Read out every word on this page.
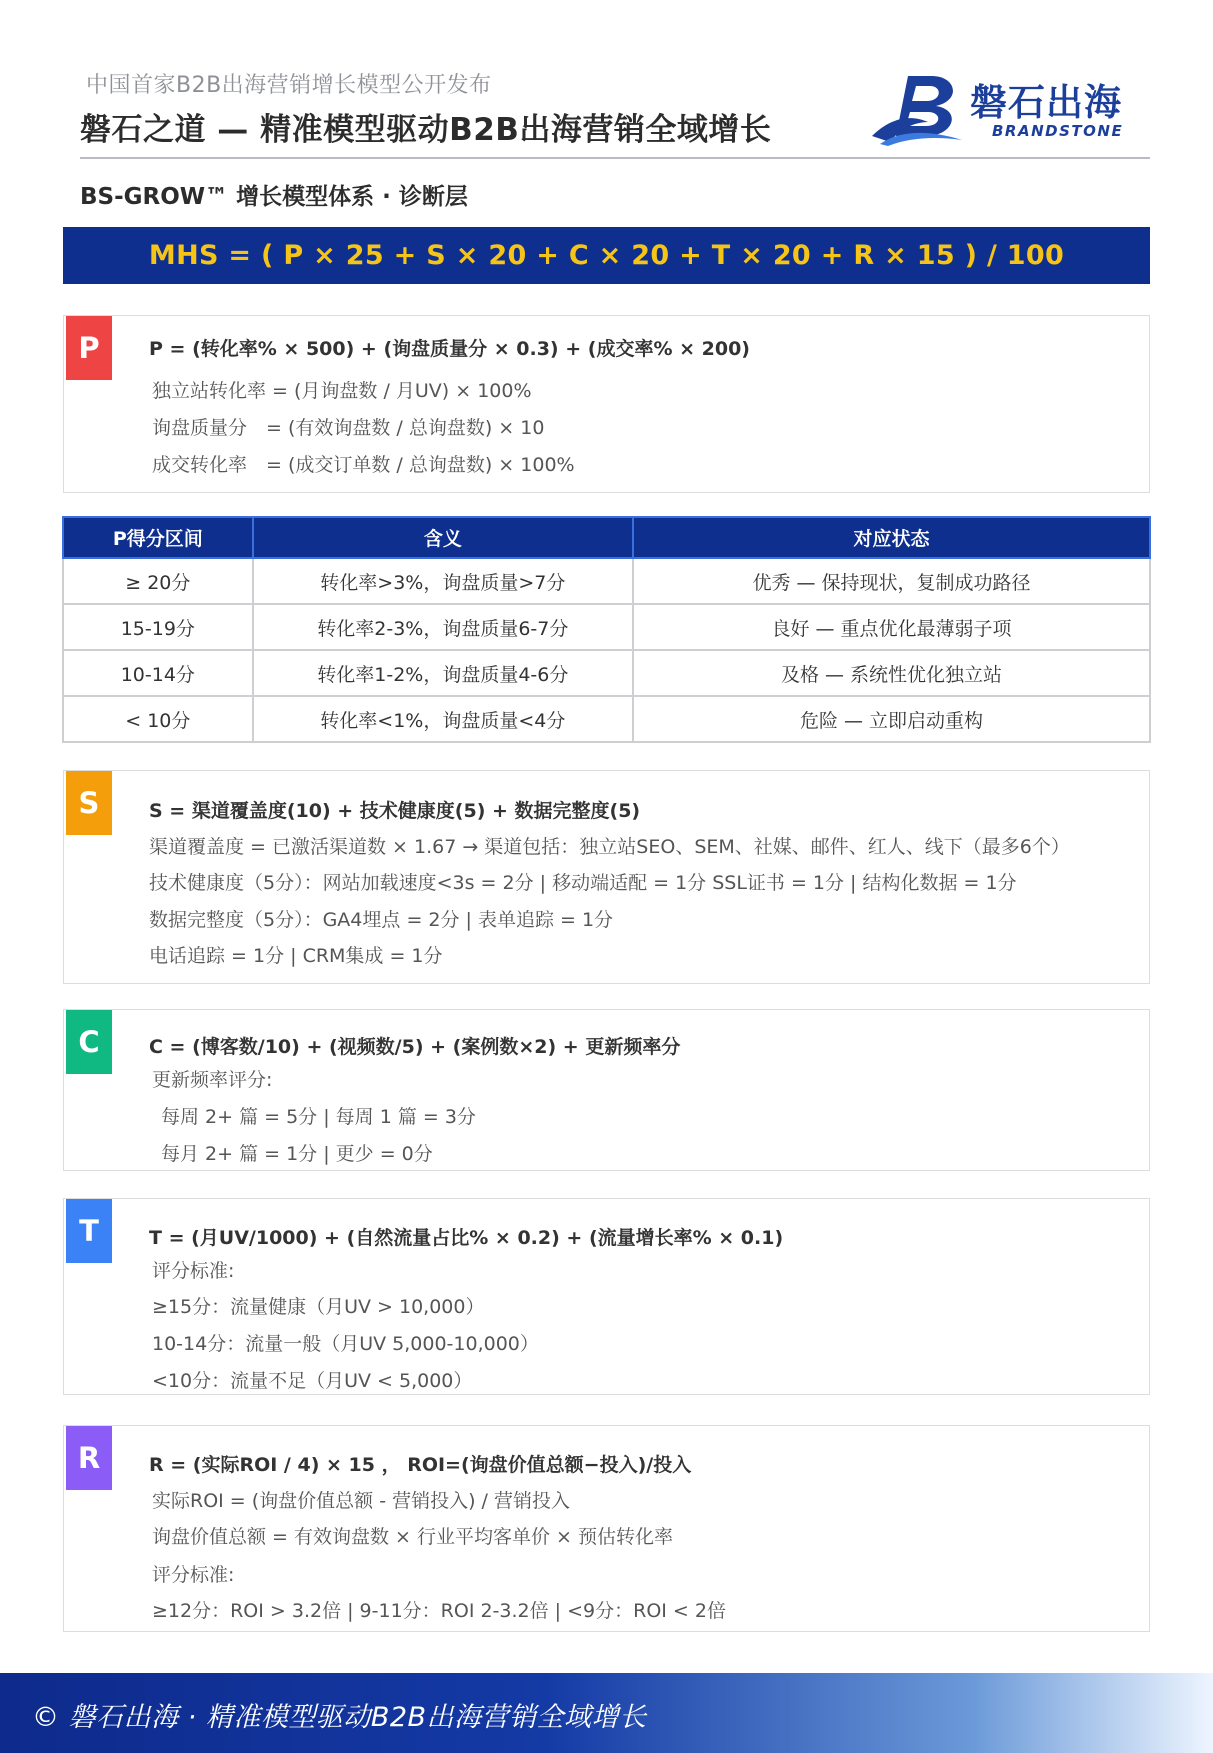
中国首家B2B出海营销增长模型公开发布
磐石之道 — 精准模型驱动B2B出海营销全域增长
磐石出海
BRANDSTONE
BS-GROW™ 增长模型体系 · 诊断层
MHS = ( P × 25 + S × 20 + C × 20 + T × 20 + R × 15 ) / 100
P	P = (转化率% × 500) + (询盘质量分 × 0.3) + (成交率% × 200)
独立站转化率 = (月询盘数 / 月UV) × 100%
询盘质量分　= (有效询盘数 / 总询盘数) × 10
成交转化率　= (成交订单数 / 总询盘数) × 100%
P得分区间	含义	对应状态
≥ 20分	转化率>3%，询盘质量>7分	优秀 — 保持现状，复制成功路径
15-19分	转化率2-3%，询盘质量6-7分	良好 — 重点优化最薄弱子项
10-14分	转化率1-2%，询盘质量4-6分	及格 — 系统性优化独立站
< 10分	转化率<1%，询盘质量<4分	危险 — 立即启动重构
S	S = 渠道覆盖度(10) + 技术健康度(5) + 数据完整度(5)
渠道覆盖度 = 已激活渠道数 × 1.67 → 渠道包括：独立站SEO、SEM、社媒、邮件、红人、线下（最多6个）
技术健康度（5分）：网站加载速度<3s = 2分 | 移动端适配 = 1分 SSL证书 = 1分 | 结构化数据 = 1分
数据完整度（5分）：GA4埋点 = 2分 | 表单追踪 = 1分
电话追踪 = 1分 | CRM集成 = 1分
C	C = (博客数/10) + (视频数/5) + (案例数×2) + 更新频率分
更新频率评分:
每周 2+ 篇 = 5分 | 每周 1 篇 = 3分
每月 2+ 篇 = 1分 | 更少 = 0分
T	T = (月UV/1000) + (自然流量占比% × 0.2) + (流量增长率% × 0.1)
评分标准:
≥15分：流量健康（月UV > 10,000）
10-14分：流量一般（月UV 5,000-10,000）
<10分：流量不足（月UV < 5,000）
R	R = (实际ROI / 4) × 15 ， ROI=(询盘价值总额−投入)/投入
实际ROI = (询盘价值总额 - 营销投入) / 营销投入
询盘价值总额 = 有效询盘数 × 行业平均客单价 × 预估转化率
评分标准:
≥12分：ROI > 3.2倍 | 9-11分：ROI 2-3.2倍 | <9分：ROI < 2倍
© 磐石出海 · 精准模型驱动B2B出海营销全域增长
